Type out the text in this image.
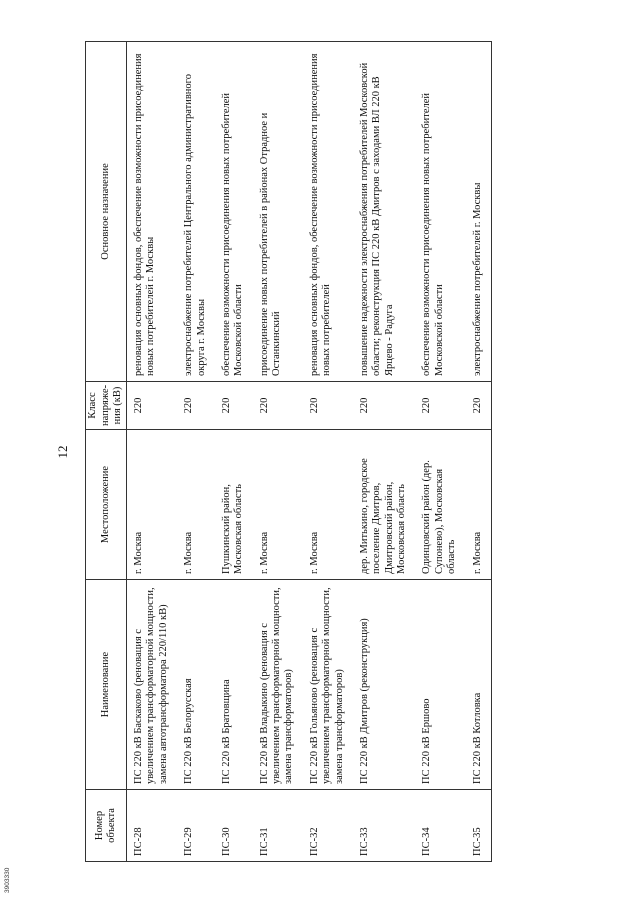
12
Номер объекта	Наименование	Местоположение	Класс напряже-ния (кВ)	Основное назначение
ПС-28	ПС 220 кВ Баскаково (реновация с увеличением трансформаторной мощности, замена автотрансформатора 220/110 кВ)	г. Москва	220	реновация основных фондов, обеспечение возможности присоединения новых потребителей г. Москвы
ПС-29	ПС 220 кВ Белорусская	г. Москва	220	электроснабжение потребителей Центрального административного округа г. Москвы
ПС-30	ПС 220 кВ Братовщина	Пушкинский район, Московская область	220	обеспечение возможности присоединения новых потребителей Московской области
ПС-31	ПС 220 кВ Владыкино (реновация с увеличением трансформаторной мощности, замена трансформаторов)	г. Москва	220	присоединение новых потребителей в районах Отрадное и Останкинский
ПС-32	ПС 220 кВ Гольяново (реновация с увеличением трансформаторной мощности, замена трансформаторов)	г. Москва	220	реновация основных фондов, обеспечение возможности присоединения новых потребителей
ПС-33	ПС 220 кВ Дмитров (реконструкция)	дер. Митькино, городское поселение Дмитров, Дмитровский район, Московская область	220	повышение надежности электроснабжения потребителей Московской области; реконструкция ПС 220 кВ Дмитров с заходами ВЛ 220 кВ Ярцево - Радуга
ПС-34	ПС 220 кВ Ершово	Одинцовский район (дер. Супонево), Московская область	220	обеспечение возможности присоединения новых потребителей Московской области
ПС-35	ПС 220 кВ Котловка	г. Москва	220	электроснабжение потребителей г. Москвы
3903330
